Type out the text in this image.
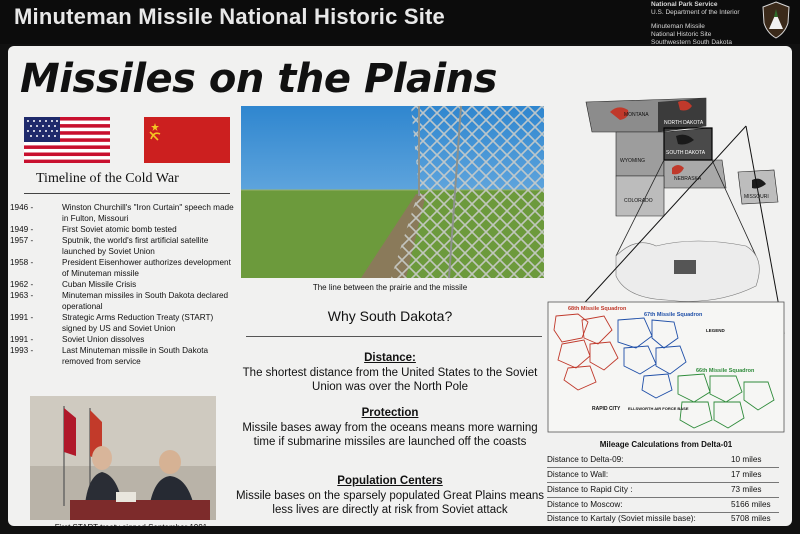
Minuteman Missile National Historic Site	National Park Service
U.S. Department of the Interior
Minuteman Missile
National Historic Site
Southwestern South Dakota
Missiles on the Plains
Timeline of the Cold War
1946 -	Winston Churchill's "Iron Curtain" speech made in Fulton, Missouri
1949 -	First Soviet atomic bomb tested
1957 -	Sputnik, the world's first artificial satellite launched by Soviet Union
1958 -	President Eisenhower authorizes development of Minuteman missile
1962 -	Cuban Missile Crisis
1963 -	Minuteman missiles in South Dakota declared operational
1991 -	Strategic Arms Reduction Treaty (START) signed by US and Soviet Union
1991 -	Soviet Union dissolves
1993 -	Last Minuteman missile in South Dakota removed from service
First START treaty signed September 1991
The line between the prairie and the missile
Why South Dakota?
Distance:
The shortest distance from the United States to the Soviet Union was over the North Pole
Protection
Missile bases away from the oceans means more warning time if submarine missiles are launched off the coasts
Population Centers
Missile bases on the sparsely populated Great Plains means less lives are directly at risk from Soviet attack
MONTANA
NORTH DAKOTA
SOUTH DAKOTA
WYOMING
NEBRASKA
COLORADO
MISSOURI
68th Missile Squadron
67th Missile Squadron
66th Missile Squadron
LEGEND
RAPID CITY ELLSWORTH AIR FORCE BASE
Mileage Calculations from Delta-01
Distance to Delta-09:	10 miles
Distance to Wall:	17 miles
Distance to Rapid City :	73 miles
Distance to Moscow:	5166 miles
Distance to Kartaly (Soviet missile base):	5708 miles
